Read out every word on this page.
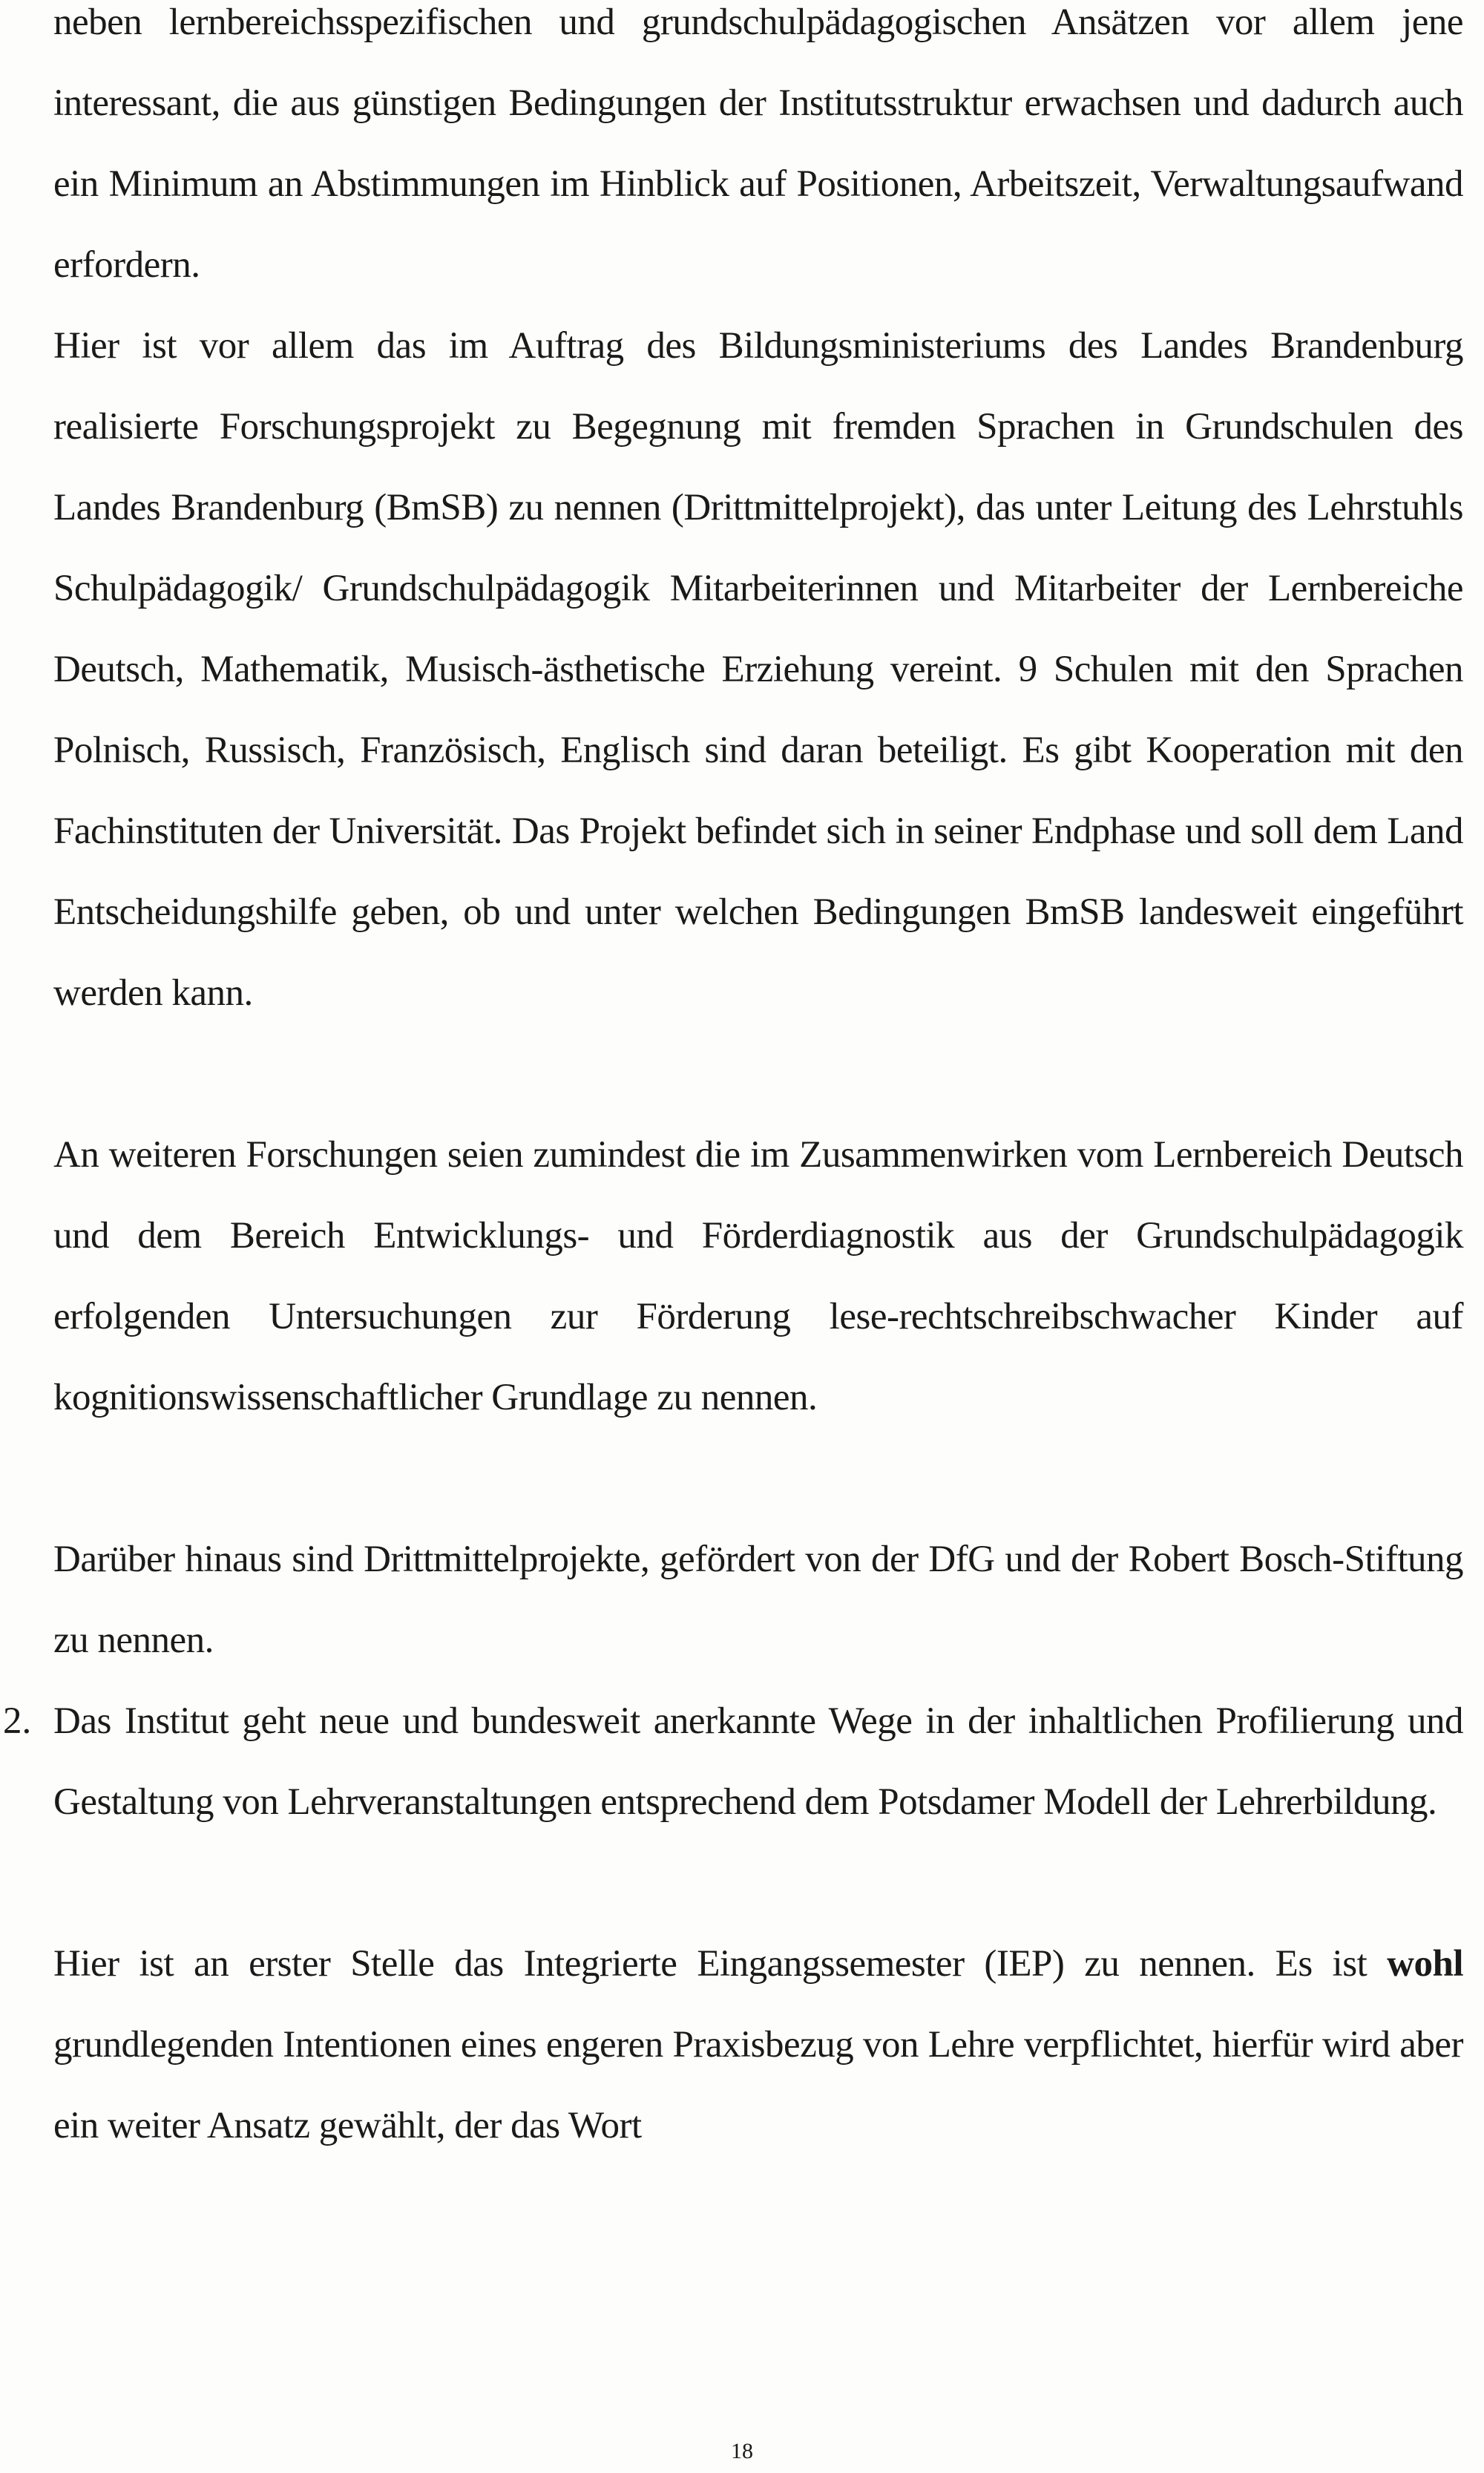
neben lernbereichsspezifischen und grundschulpädagogischen Ansätzen vor allem jene interessant, die aus günstigen Bedingungen der Institutsstruktur erwachsen und dadurch auch ein Minimum an Abstimmungen im Hinblick auf Positionen, Arbeitszeit, Verwaltungsaufwand erfordern.

Hier ist vor allem das im Auftrag des Bildungsministeriums des Landes Brandenburg realisierte Forschungsprojekt zu Begegnung mit fremden Sprachen in Grundschulen des Landes Brandenburg (BmSB) zu nennen (Drittmittelprojekt), das unter Leitung des Lehrstuhls Schulpädagogik/ Grundschulpädagogik Mitarbeiterinnen und Mitarbeiter der Lernbereiche Deutsch, Mathematik, Musisch-ästhetische Erziehung vereint. 9 Schulen mit den Sprachen Polnisch, Russisch, Französisch, Englisch sind daran beteiligt. Es gibt Kooperation mit den Fachinstituten der Universität. Das Projekt befindet sich in seiner Endphase und soll dem Land Entscheidungshilfe geben, ob und unter welchen Bedingungen BmSB landesweit eingeführt werden kann.

An weiteren Forschungen seien zumindest die im Zusammenwirken vom Lernbereich Deutsch und dem Bereich Entwicklungs- und Förderdiagnostik aus der Grundschulpädagogik erfolgenden Untersuchungen zur Förderung lese-rechtschreibschwacher Kinder auf kognitionswissenschaftlicher Grundlage zu nennen.

Darüber hinaus sind Drittmittelprojekte, gefördert von der DfG und der Robert Bosch-Stiftung zu nennen.

2. Das Institut geht neue und bundesweit anerkannte Wege in der inhaltlichen Profilierung und Gestaltung von Lehrveranstaltungen entsprechend dem Potsdamer Modell der Lehrerbildung.

Hier ist an erster Stelle das Integrierte Eingangssemester (IEP) zu nennen. Es ist wohl grundlegenden Intentionen eines engeren Praxisbezug von Lehre verpflichtet, hierfür wird aber ein weiter Ansatz gewählt, der das Wort

18
